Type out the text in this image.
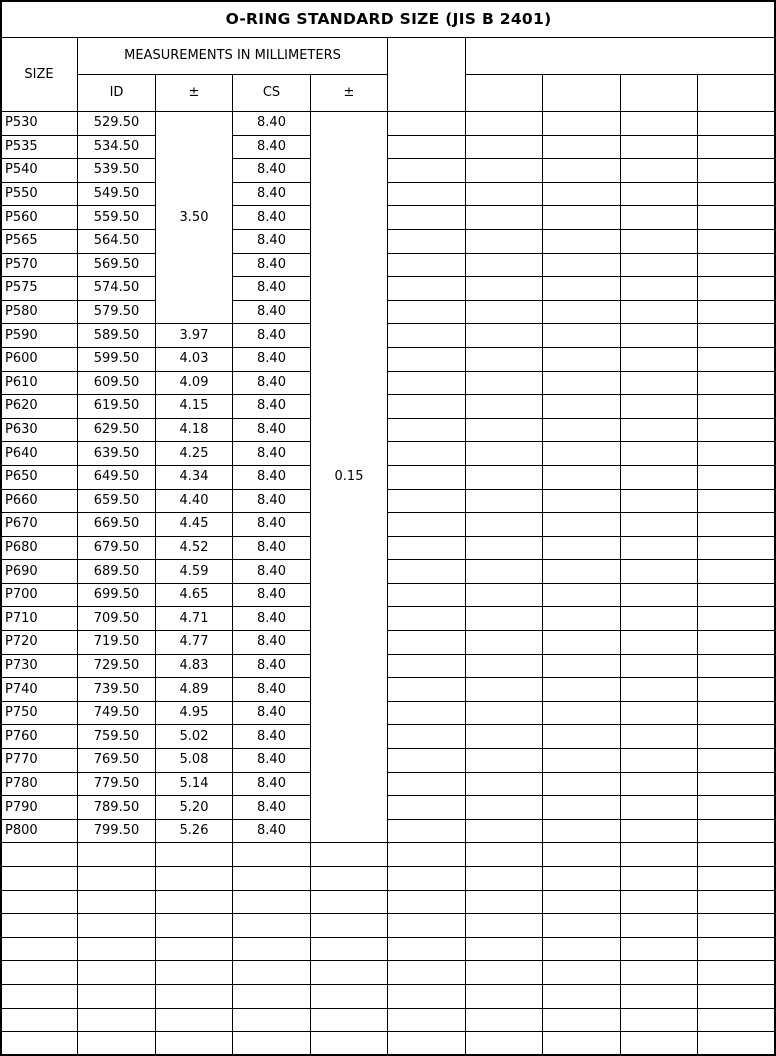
O-RING STANDARD SIZE (JIS B 2401)									
SIZE	MEASUREMENTS IN MILLIMETERS								
	ID	±	CS	±					
P530	529.50	3.50	8.40	0.15					
P535	534.50		8.40						
P540	539.50		8.40						
P550	549.50		8.40						
P560	559.50		8.40						
P565	564.50		8.40						
P570	569.50		8.40						
P575	574.50		8.40						
P580	579.50		8.40						
P590	589.50	3.97	8.40						
P600	599.50	4.03	8.40						
P610	609.50	4.09	8.40						
P620	619.50	4.15	8.40						
P630	629.50	4.18	8.40						
P640	639.50	4.25	8.40						
P650	649.50	4.34	8.40						
P660	659.50	4.40	8.40						
P670	669.50	4.45	8.40						
P680	679.50	4.52	8.40						
P690	689.50	4.59	8.40						
P700	699.50	4.65	8.40						
P710	709.50	4.71	8.40						
P720	719.50	4.77	8.40						
P730	729.50	4.83	8.40						
P740	739.50	4.89	8.40						
P750	749.50	4.95	8.40						
P760	759.50	5.02	8.40						
P770	769.50	5.08	8.40						
P780	779.50	5.14	8.40						
P790	789.50	5.20	8.40						
P800	799.50	5.26	8.40						
